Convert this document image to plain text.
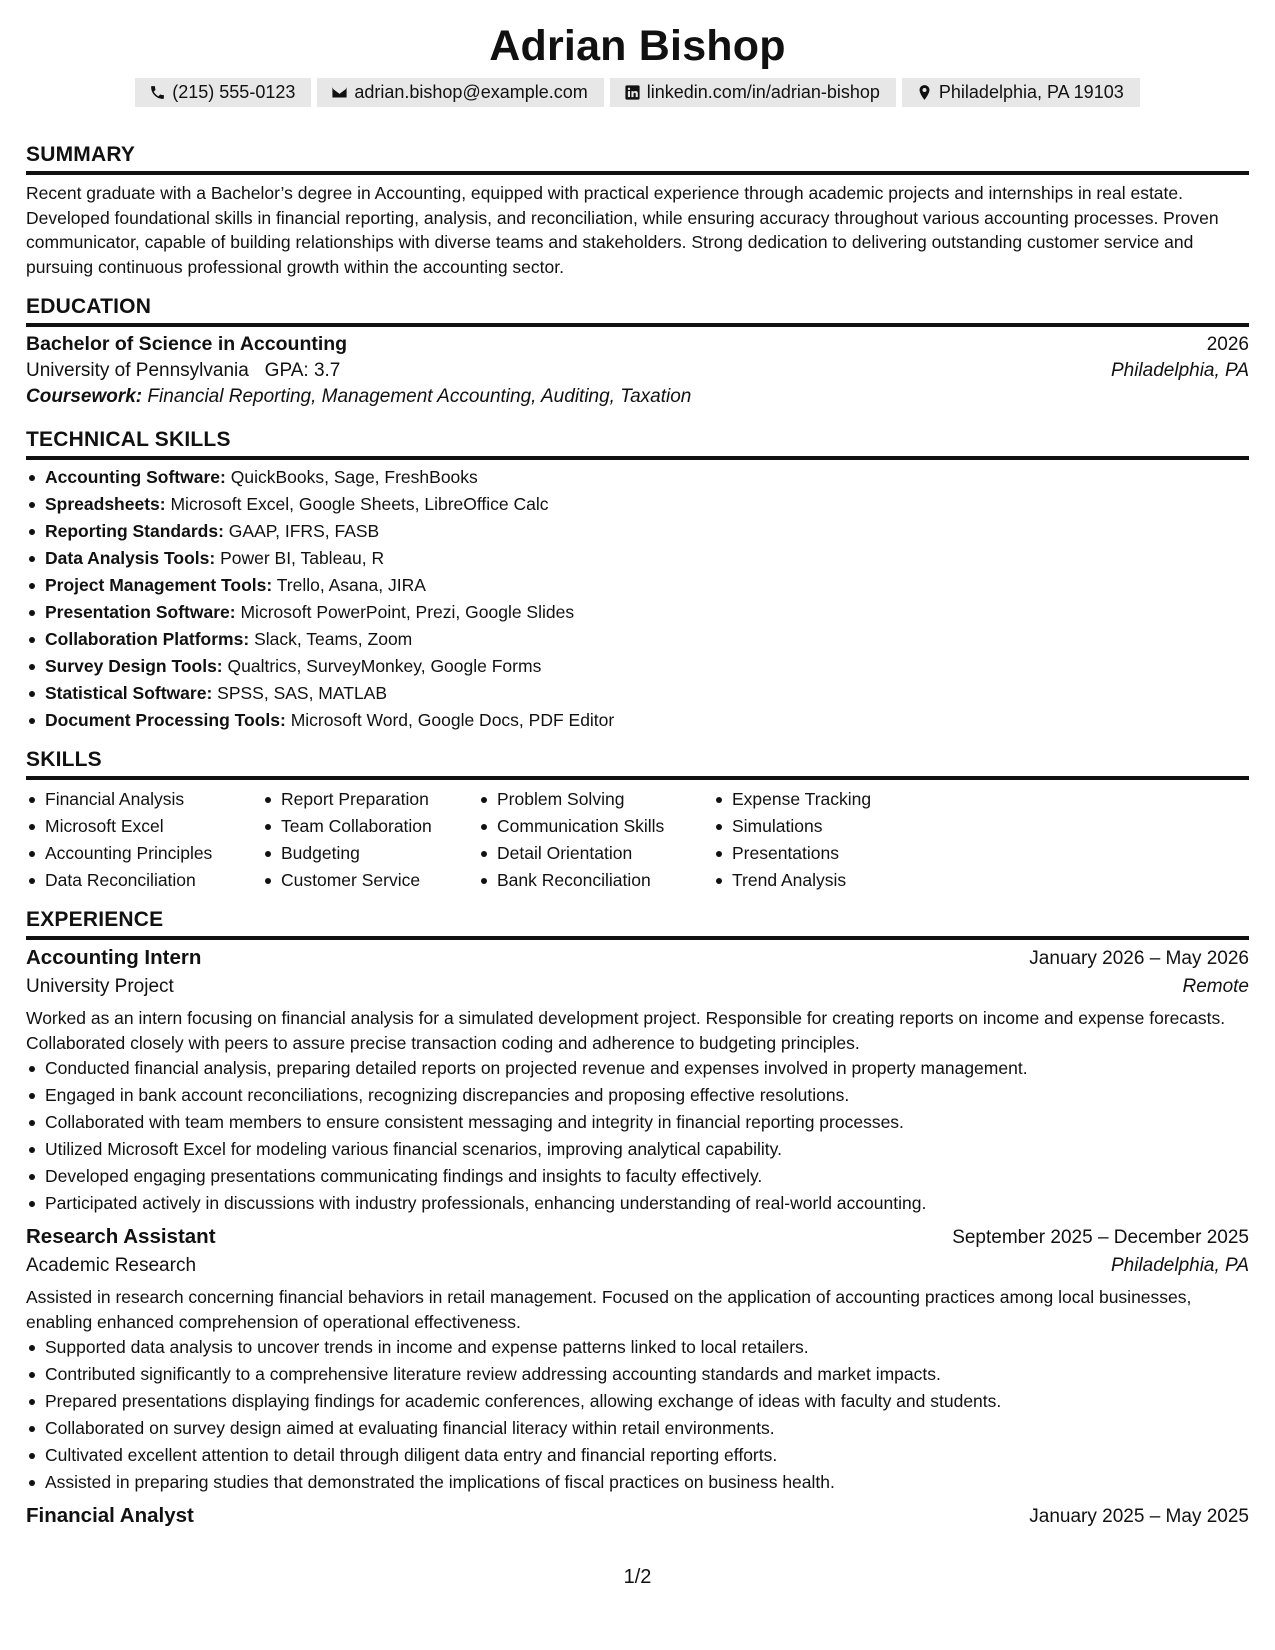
Adrian Bishop
(215) 555-0123	adrian.bishop@example.com	linkedin.com/in/adrian-bishop	Philadelphia, PA 19103
SUMMARY
Recent graduate with a Bachelor’s degree in Accounting, equipped with practical experience through academic projects and internships in real estate. Developed foundational skills in financial reporting, analysis, and reconciliation, while ensuring accuracy throughout various accounting processes. Proven communicator, capable of building relationships with diverse teams and stakeholders. Strong dedication to delivering outstanding customer service and pursuing continuous professional growth within the accounting sector.
EDUCATION
Bachelor of Science in Accounting	2026
University of Pennsylvania GPA: 3.7	Philadelphia, PA
Coursework: Financial Reporting, Management Accounting, Auditing, Taxation
TECHNICAL SKILLS
Accounting Software: QuickBooks, Sage, FreshBooks
Spreadsheets: Microsoft Excel, Google Sheets, LibreOffice Calc
Reporting Standards: GAAP, IFRS, FASB
Data Analysis Tools: Power BI, Tableau, R
Project Management Tools: Trello, Asana, JIRA
Presentation Software: Microsoft PowerPoint, Prezi, Google Slides
Collaboration Platforms: Slack, Teams, Zoom
Survey Design Tools: Qualtrics, SurveyMonkey, Google Forms
Statistical Software: SPSS, SAS, MATLAB
Document Processing Tools: Microsoft Word, Google Docs, PDF Editor
SKILLS
Financial Analysis
Microsoft Excel
Accounting Principles
Data Reconciliation
Report Preparation
Team Collaboration
Budgeting
Customer Service
Problem Solving
Communication Skills
Detail Orientation
Bank Reconciliation
Expense Tracking
Simulations
Presentations
Trend Analysis
EXPERIENCE
Accounting Intern	January 2026 – May 2026
University Project	Remote
Worked as an intern focusing on financial analysis for a simulated development project. Responsible for creating reports on income and expense forecasts. Collaborated closely with peers to assure precise transaction coding and adherence to budgeting principles.
Conducted financial analysis, preparing detailed reports on projected revenue and expenses involved in property management.
Engaged in bank account reconciliations, recognizing discrepancies and proposing effective resolutions.
Collaborated with team members to ensure consistent messaging and integrity in financial reporting processes.
Utilized Microsoft Excel for modeling various financial scenarios, improving analytical capability.
Developed engaging presentations communicating findings and insights to faculty effectively.
Participated actively in discussions with industry professionals, enhancing understanding of real-world accounting.
Research Assistant	September 2025 – December 2025
Academic Research	Philadelphia, PA
Assisted in research concerning financial behaviors in retail management. Focused on the application of accounting practices among local businesses, enabling enhanced comprehension of operational effectiveness.
Supported data analysis to uncover trends in income and expense patterns linked to local retailers.
Contributed significantly to a comprehensive literature review addressing accounting standards and market impacts.
Prepared presentations displaying findings for academic conferences, allowing exchange of ideas with faculty and students.
Collaborated on survey design aimed at evaluating financial literacy within retail environments.
Cultivated excellent attention to detail through diligent data entry and financial reporting efforts.
Assisted in preparing studies that demonstrated the implications of fiscal practices on business health.
Financial Analyst	January 2025 – May 2025
1/2
